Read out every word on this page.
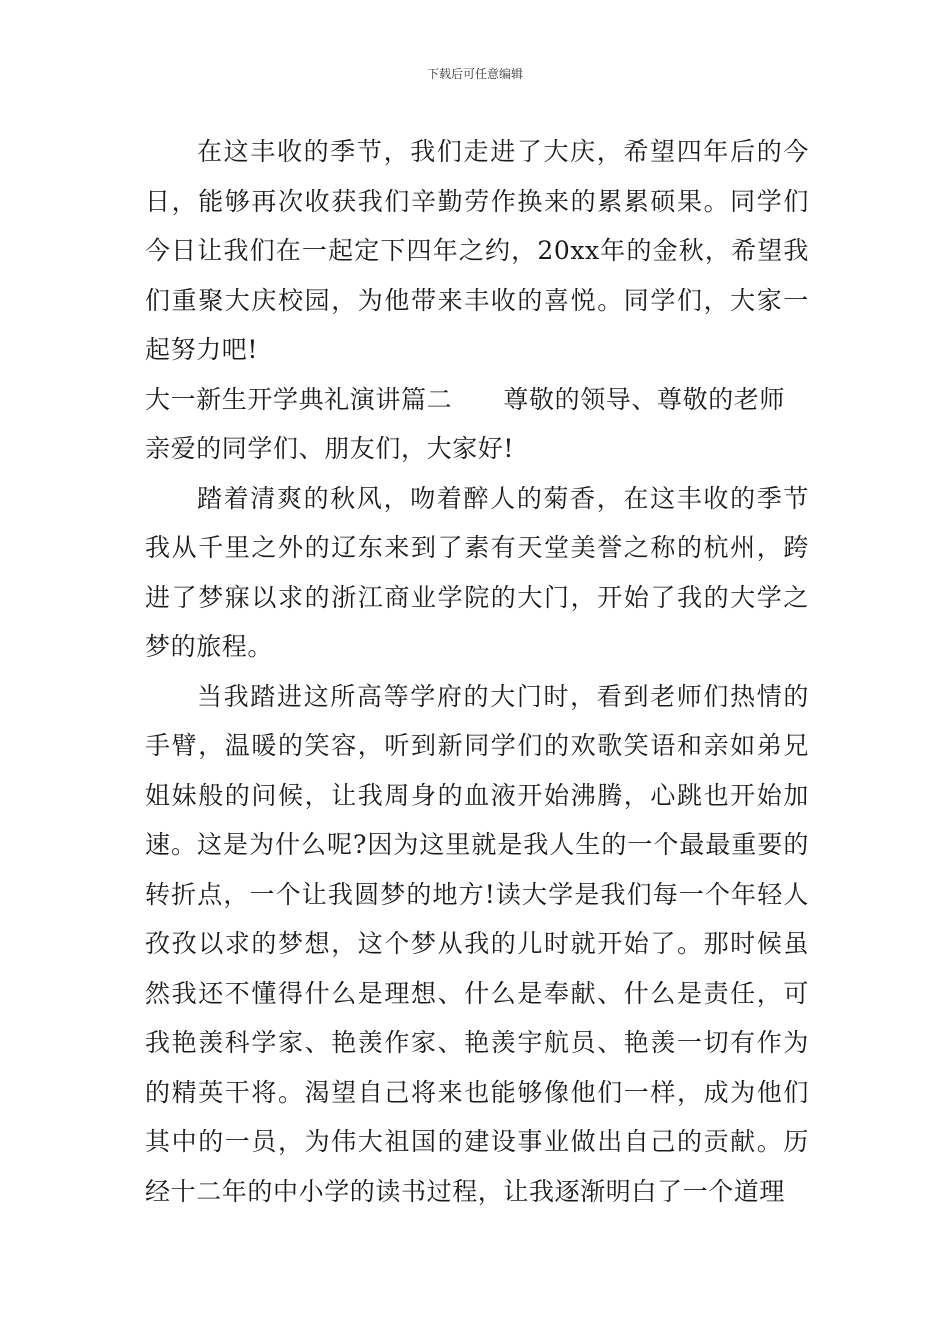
下载后可任意编辑

在这丰收的季节，我们走进了大庆，希望四年后的今日，能够再次收获我们辛勤劳作换来的累累硕果。同学们今日让我们在一起定下四年之约，20xx年的金秋，希望我们重聚大庆校园，为他带来丰收的喜悦。同学们，大家一起努力吧!

大一新生开学典礼演讲篇二　　尊敬的领导、尊敬的老师

亲爱的同学们、朋友们，大家好!

踏着清爽的秋风，吻着醉人的菊香，在这丰收的季节我从千里之外的辽东来到了素有天堂美誉之称的杭州，跨进了梦寐以求的浙江商业学院的大门，开始了我的大学之梦的旅程。

当我踏进这所高等学府的大门时，看到老师们热情的手臂，温暖的笑容，听到新同学们的欢歌笑语和亲如弟兄姐妹般的问候，让我周身的血液开始沸腾，心跳也开始加速。这是为什么呢?因为这里就是我人生的一个最最重要的转折点，一个让我圆梦的地方!读大学是我们每一个年轻人孜孜以求的梦想，这个梦从我的儿时就开始了。那时候虽然我还不懂得什么是理想、什么是奉献、什么是责任，可我艳羡科学家、艳羡作家、艳羡宇航员、艳羡一切有作为的精英干将。渴望自己将来也能够像他们一样，成为他们其中的一员，为伟大祖国的建设事业做出自己的贡献。历经十二年的中小学的读书过程，让我逐渐明白了一个道理
